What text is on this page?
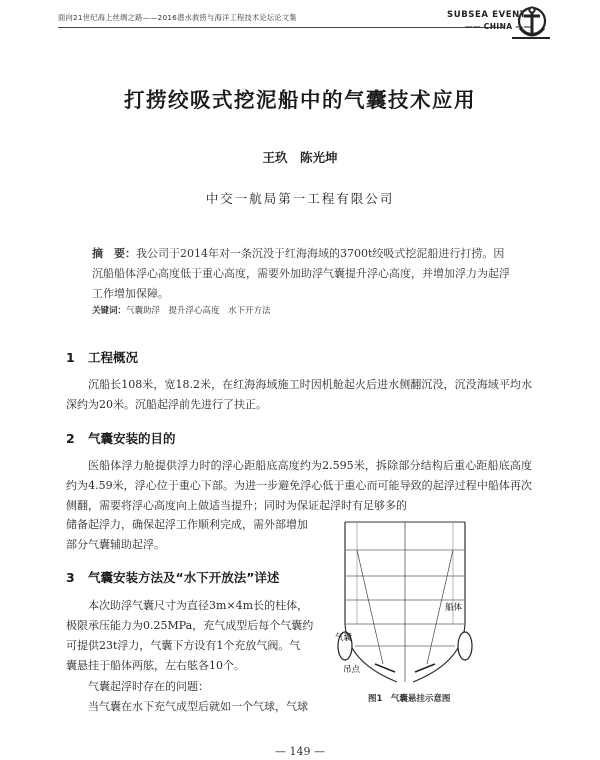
面向21世纪海上丝绸之路——2016潜水救捞与海洋工程技术论坛论文集	SUBSEA EVENT
—— CHINA ——
打捞绞吸式挖泥船中的气囊技术应用
王玖　陈光坤
中交一航局第一工程有限公司
摘　要：我公司于2014年对一条沉没于红海海域的3700t绞吸式挖泥船进行打捞。因沉船船体浮心高度低于重心高度，需要外加助浮气囊提升浮心高度，并增加浮力为起浮工作增加保障。
关键词：气囊助浮　提升浮心高度　水下开方法
1 工程概况
沉船长108米，宽18.2米，在红海海域施工时因机舱起火后进水侧翻沉没，沉没海域平均水深约为20米。沉船起浮前先进行了扶正。
2 气囊安装的目的
医船体浮力舱提供浮力时的浮心距船底高度约为2.595米，拆除部分结构后重心距船底高度约为4.59米，浮心位于重心下部。为进一步避免浮心低于重心而可能导致的起浮过程中船体再次侧翻，需要将浮心高度向上做适当提升；同时为保证起浮时有足够多的
储备起浮力，确保起浮工作顺利完成，需外部增加
部分气囊辅助起浮。
3 气囊安装方法及“水下开放法”详述
本次助浮气囊尺寸为直径3m×4m长的柱体，
极限承压能力为0.25MPa，充气成型后每个气囊约
可提供23t浮力，气囊下方设有1个充放气阀。气
囊悬挂于船体两舷，左右舷各10个。
气囊起浮时存在的问题：
当气囊在水下充气成型后就如一个气球，气球
船体
气囊
吊点
图1　气囊悬挂示意图
— 149 —
